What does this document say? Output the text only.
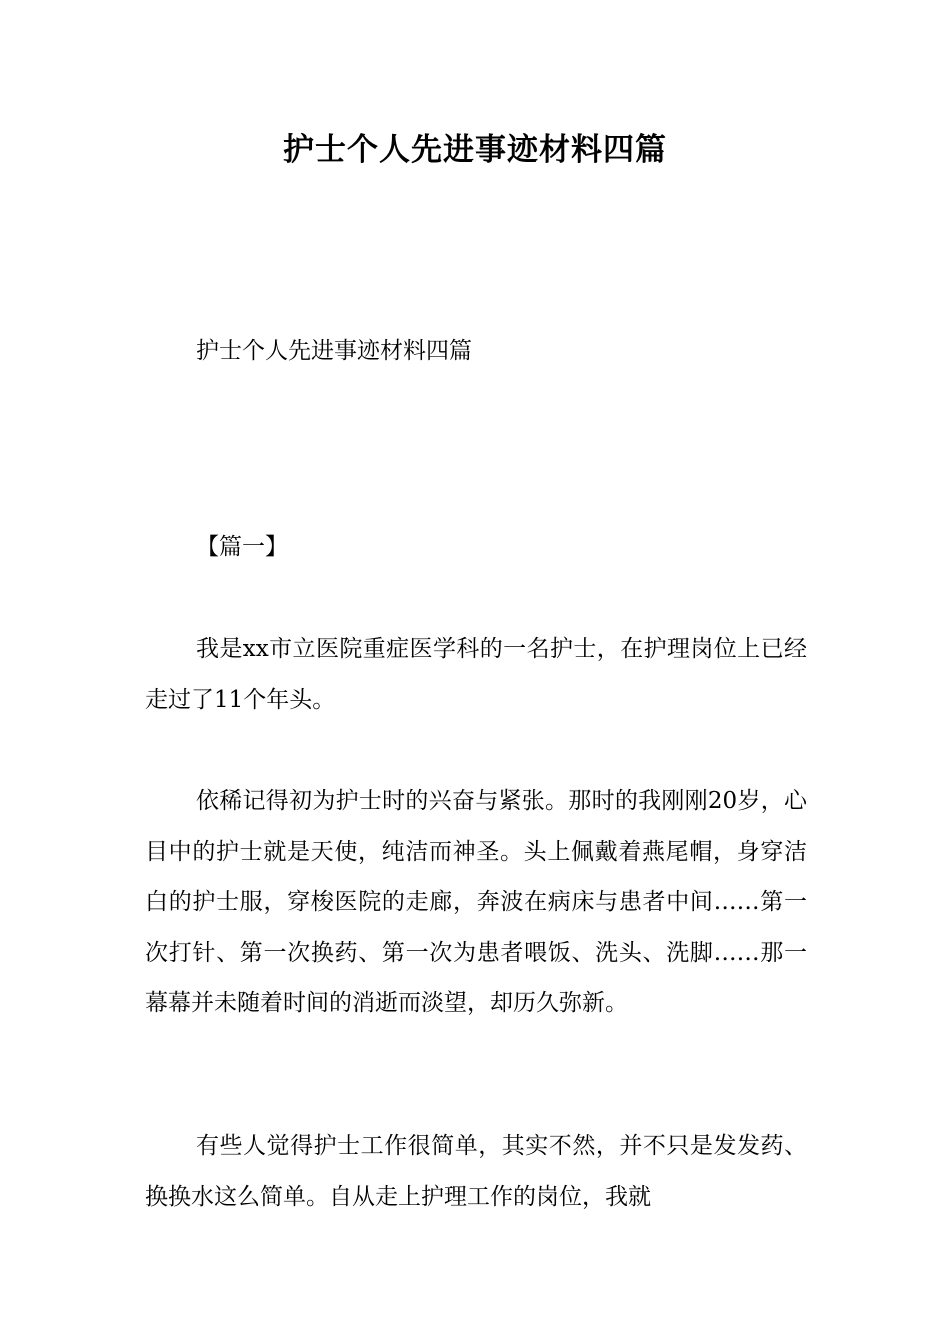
护士个人先进事迹材料四篇
护士个人先进事迹材料四篇
【篇一】

我是xx市立医院重症医学科的一名护士，在护理岗位上已经走过了11个年头。

依稀记得初为护士时的兴奋与紧张。那时的我刚刚20岁，心目中的护士就是天使，纯洁而神圣。头上佩戴着燕尾帽，身穿洁白的护士服，穿梭医院的走廊，奔波在病床与患者中间……第一次打针、第一次换药、第一次为患者喂饭、洗头、洗脚……那一幕幕并未随着时间的消逝而淡望，却历久弥新。

有些人觉得护士工作很简单，其实不然，并不只是发发药、换换水这么简单。自从走上护理工作的岗位，我就
